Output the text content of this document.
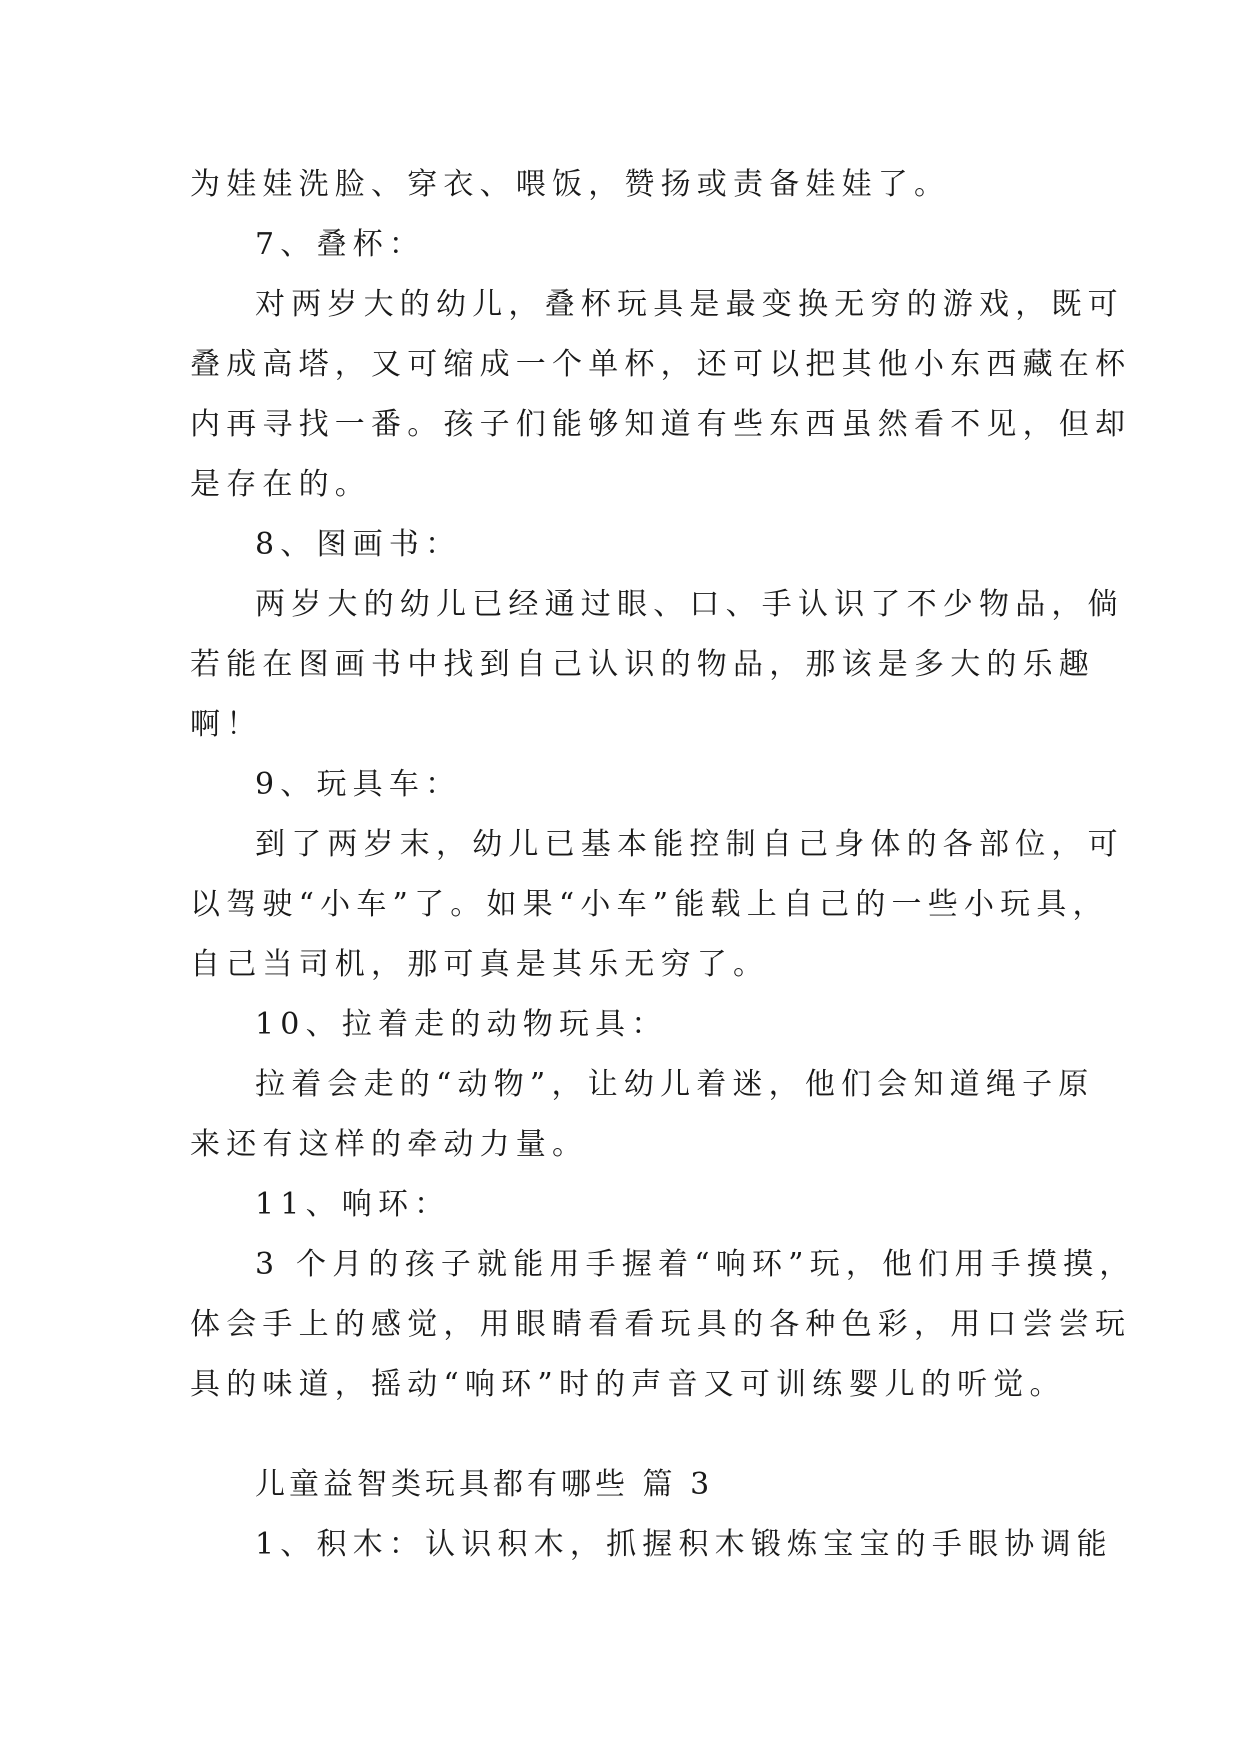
为娃娃洗脸、穿衣、喂饭，赞扬或责备娃娃了。
7、叠杯：
对两岁大的幼儿，叠杯玩具是最变换无穷的游戏，既可
叠成高塔，又可缩成一个单杯，还可以把其他小东西藏在杯
内再寻找一番。孩子们能够知道有些东西虽然看不见，但却
是存在的。
8、图画书：
两岁大的幼儿已经通过眼、口、手认识了不少物品，倘
若能在图画书中找到自己认识的物品，那该是多大的乐趣
啊！
9、玩具车：
到了两岁末，幼儿已基本能控制自己身体的各部位，可
以驾驶“小车”了。如果“小车”能载上自己的一些小玩具，
自己当司机，那可真是其乐无穷了。
10、拉着走的动物玩具：
拉着会走的“动物”，让幼儿着迷，他们会知道绳子原
来还有这样的牵动力量。
11、响环：
3 个月的孩子就能用手握着“响环”玩，他们用手摸摸，
体会手上的感觉，用眼睛看看玩具的各种色彩，用口尝尝玩
具的味道，摇动“响环”时的声音又可训练婴儿的听觉。
儿童益智类玩具都有哪些 篇 3
1、积木：认识积木，抓握积木锻炼宝宝的手眼协调能
